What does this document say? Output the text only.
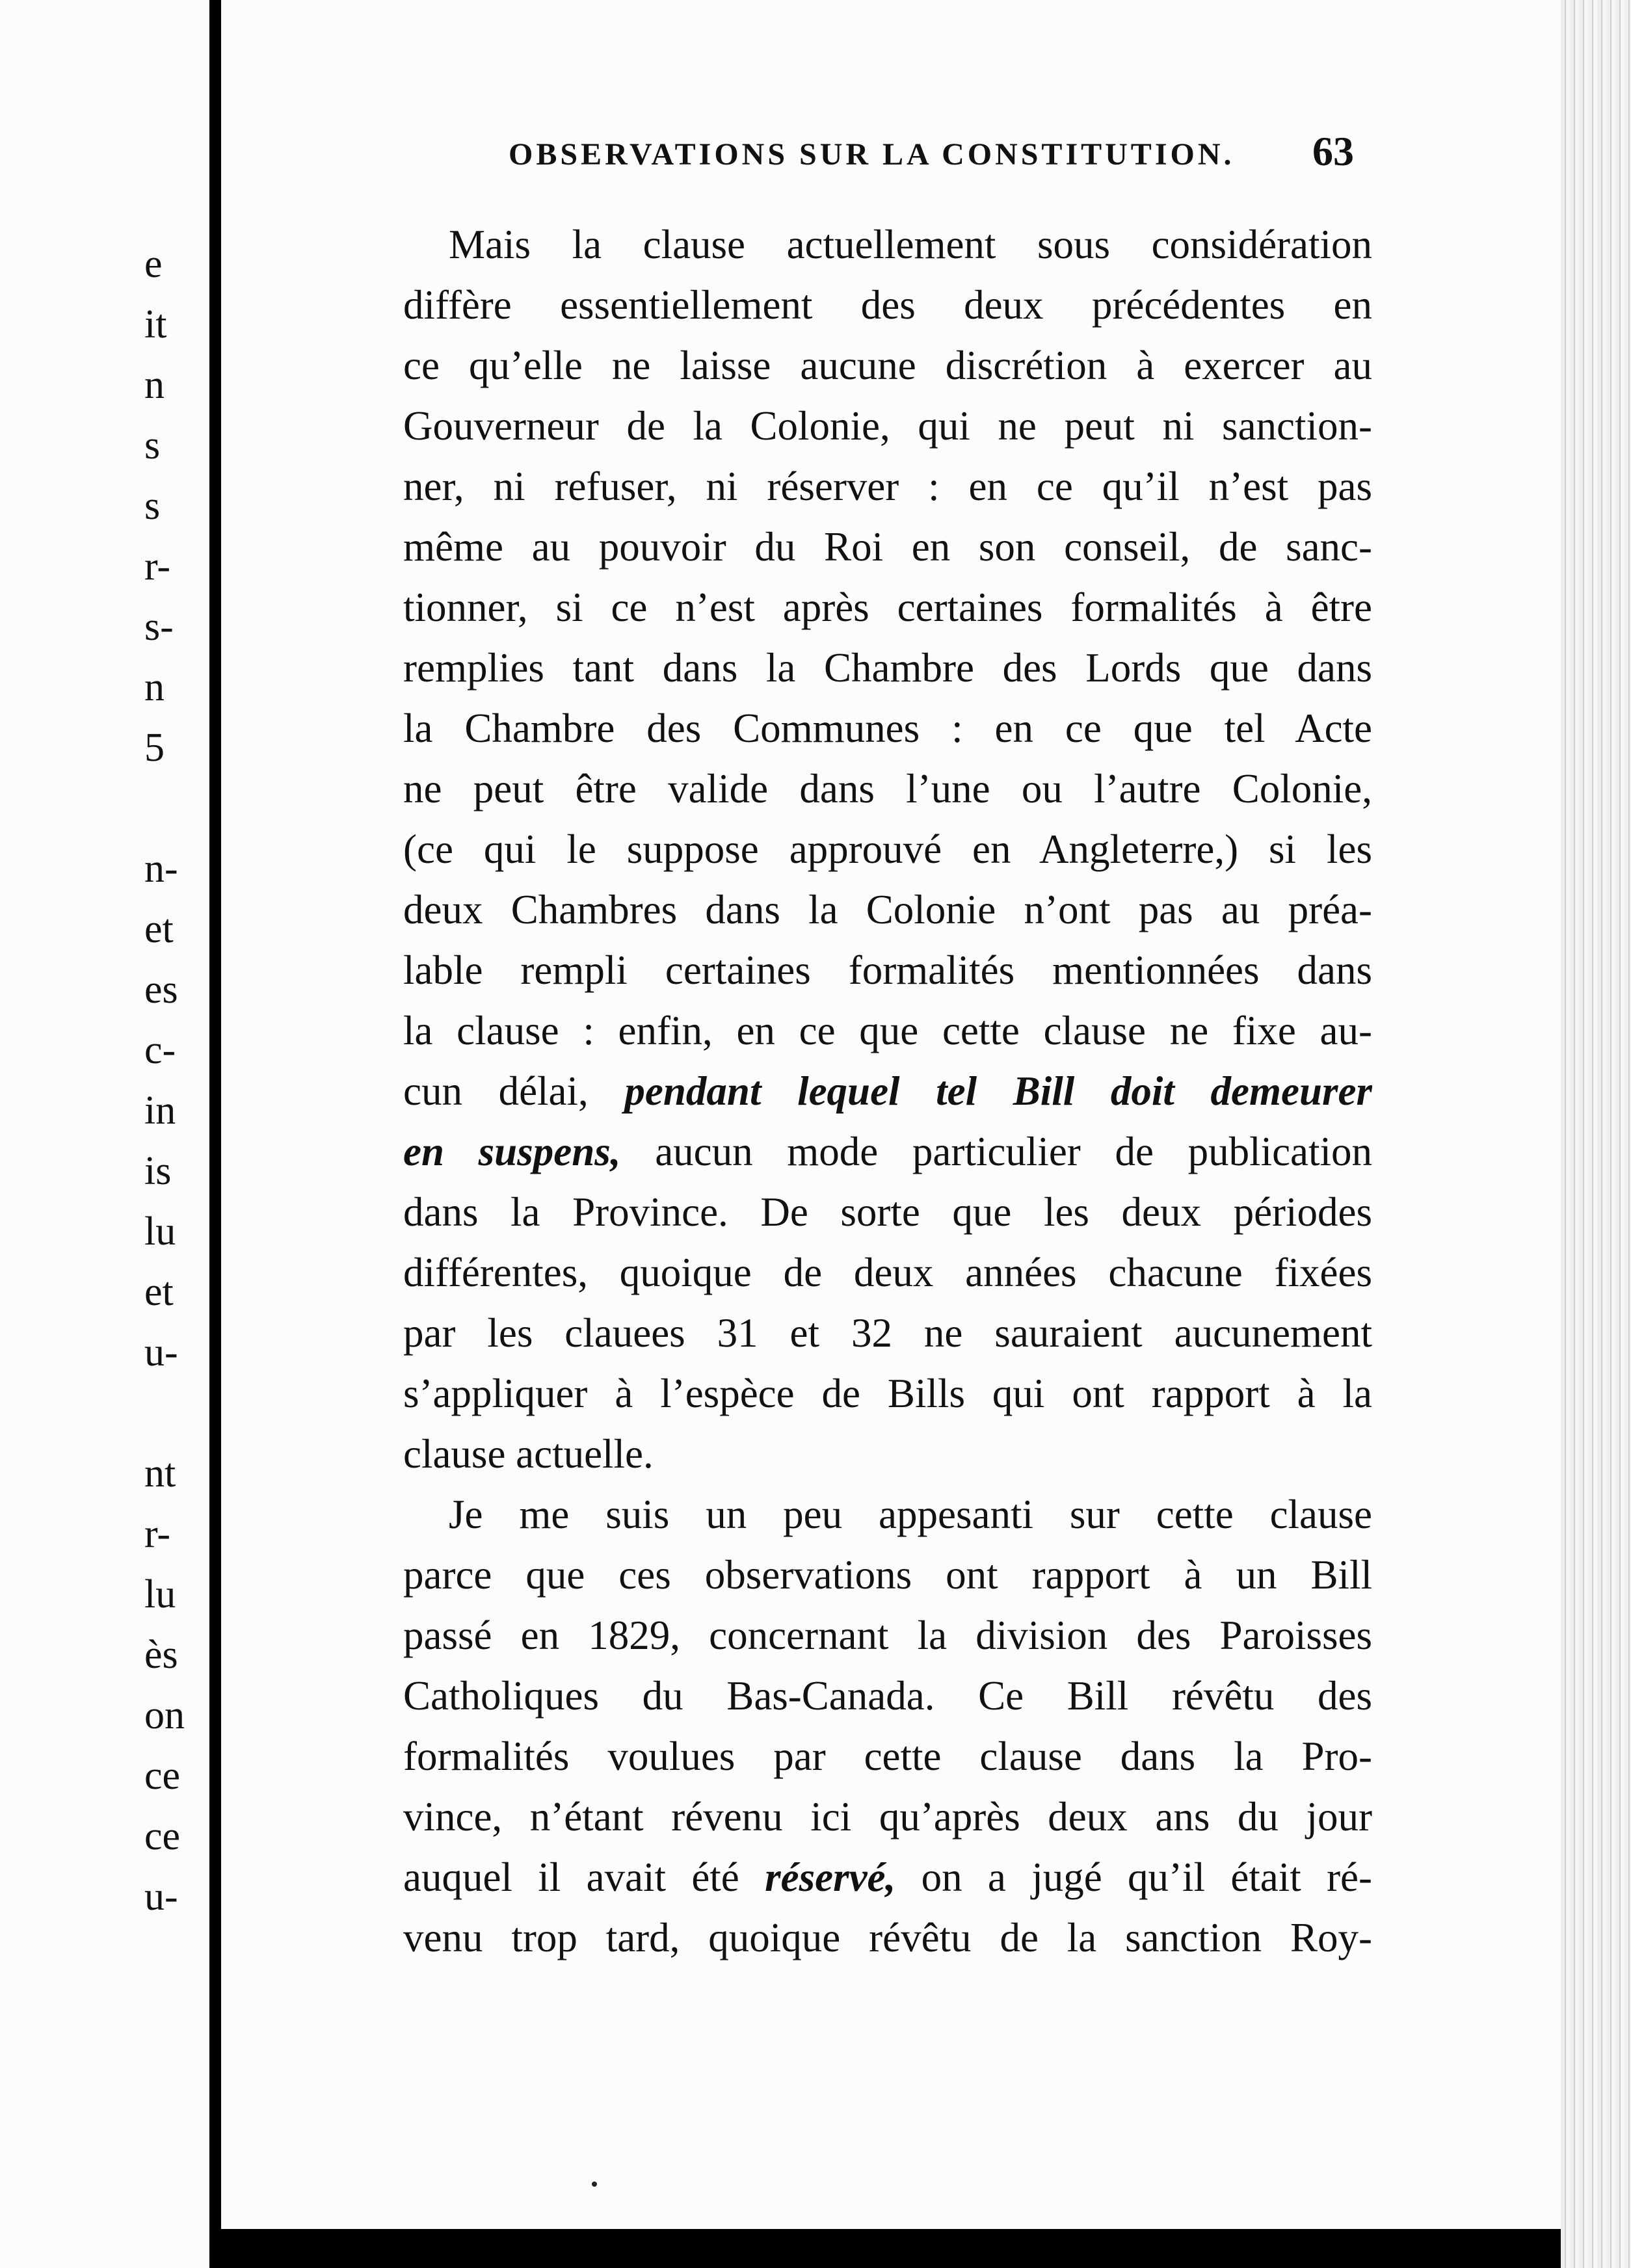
e
it
n
s
s
r-
s-
n
5
n-
et
es
c-
in
is
lu
et
u-
nt
r-
lu
ès
on
ce
ce
u-
OBSERVATIONS SUR LA CONSTITUTION. 63

Mais la clause actuellement sous considération
diffère essentiellement des deux précédentes en
ce qu’elle ne laisse aucune discrétion à exercer au
Gouverneur de la Colonie, qui ne peut ni sanction-
ner, ni refuser, ni réserver : en ce qu’il n’est pas
même au pouvoir du Roi en son conseil, de sanc-
tionner, si ce n’est après certaines formalités à être
remplies tant dans la Chambre des Lords que dans
la Chambre des Communes : en ce que tel Acte
ne peut être valide dans l’une ou l’autre Colonie,
(ce qui le suppose approuvé en Angleterre,) si les
deux Chambres dans la Colonie n’ont pas au préa-
lable rempli certaines formalités mentionnées dans
la clause : enfin, en ce que cette clause ne fixe au-
cun délai, pendant lequel tel Bill doit demeurer
en suspens, aucun mode particulier de publication
dans la Province. De sorte que les deux périodes
différentes, quoique de deux années chacune fixées
par les clauees 31 et 32 ne sauraient aucunement
s’appliquer à l’espèce de Bills qui ont rapport à la
clause actuelle.

Je me suis un peu appesanti sur cette clause
parce que ces observations ont rapport à un Bill
passé en 1829, concernant la division des Paroisses
Catholiques du Bas-Canada. Ce Bill révêtu des
formalités voulues par cette clause dans la Pro-
vince, n’étant révenu ici qu’après deux ans du jour
auquel il avait été réservé, on a jugé qu’il était ré-
venu trop tard, quoique révêtu de la sanction Roy-
